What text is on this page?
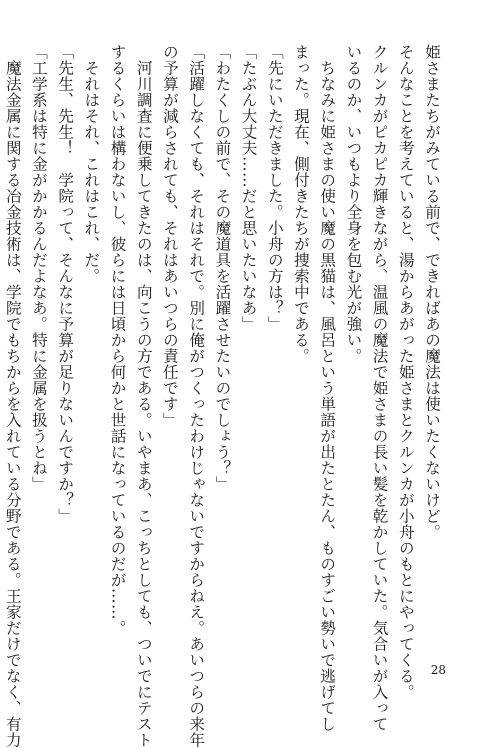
姫さまたちがみている前で、できればあの魔法は使いたくないけど。
そんなことを考えていると、湯からあがった姫さまとクルンカが小舟のもとにやってくる。
クルンカがピカピカ輝きながら、温風の魔法で姫さまの長い髪を乾かしていた。気合いが入って
いるのか、いつもより全身を包む光が強い。
　ちなみに姫さまの使い魔の黒猫は、風呂という単語が出たとたん、ものすごい勢いで逃げてし
まった。現在、側付きたちが捜索中である。
「先にいただきました。小舟の方は？」
「たぶん大丈夫……だと思いたいなあ」
「わたくしの前で、その魔道具を活躍させたいのでしょう？」
「活躍しなくても、それはそれで。別に俺がつくったわけじゃないですからねえ。あいつらの来年
の予算が減らされても、それはあいつらの責任です」
　河川調査に便乗してきたのは、向こうの方である。いやまあ、こっちとしても、ついでにテスト
するくらいは構わないし、彼らには日頃から何かと世話になっているのだが……。
　それはそれ、これはこれ、だ。
「先生、先生！　学院って、そんなに予算が足りないんですか？」
「工学系は特に金がかかるんだよなあ。特に金属を扱うとね」
　魔法金属に関する冶金技術は、学院でもちからを入れている分野である。王家だけでなく、有力	28
